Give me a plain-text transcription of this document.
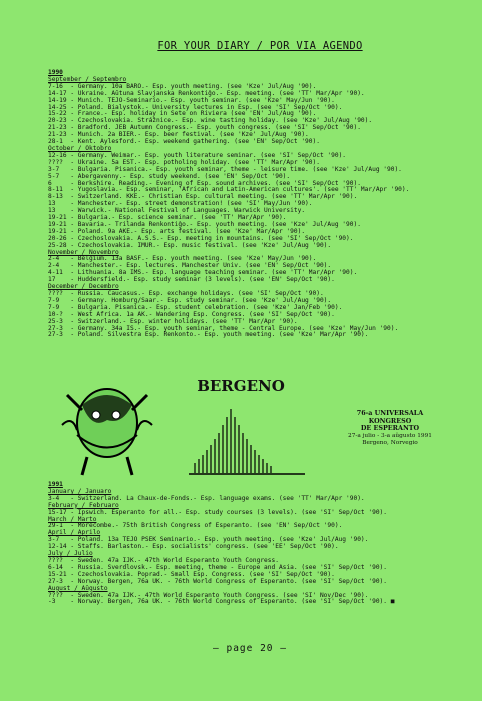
FOR YOUR DIARY / POR VIA AGENDO
1990
September / Septembro
7-16  - Germany. 10a BARO.- Esp. youth meeting. (see 'Kze' Jul/Aug '90).
14-17 - Ukraine. Aŭtuna Slavjanska Renkontiĝo.- Esp. meeting. (see 'TT' Mar/Apr '90).
14-19 - Munich. TEJO-Seminario.- Esp. youth seminar. (see 'Kze' May/Jun '90).
14-25 - Poland. Bialystok.- University lectures in Esp. (see 'SI' Sep/Oct '90).
15-22 - France.- Esp. holiday in Sete on Riviera (see 'EN' Jul/Aug '90).
20-23 - Czechoslovakia. Strážnice.- Esp. wine tasting holiday. (see 'Kze' Jul/Aug '90).
21-23 - Bradford. JEB Autumn Congress.- Esp. youth congress. (see 'SI' Sep/Oct '90).
21-23 - Munich. 2a BIER.- Esp. beer festival. (see 'Kze' Jul/Aug '90).
28-1  - Kent. Aylesford.- Esp. weekend gathering. (see 'EN' Sep/Oct '90).
October / Oktobro
12-16 - Germany. Weimar.- Esp. youth literature seminar. (see 'SI' Sep/Oct '90).
????  - Ukraine. 5a EST.- Esp. potholing holiday. (see 'TT' Mar/Apr '90).
3-7   - Bulgaria. Pisanica.- Esp. youth seminar, theme - leisure time. (see 'Kze' Jul/Aug '90).
5-7   - Abergavenny.- Esp. study weekend. (see 'EN' Sep/Oct '90).
6     - Berkshire. Reading.- Evening of Esp. sound archives. (see 'SI' Sep/Oct '90).
8-11  - Yugoslavia.- Esp. seminar, 'African and Latin-American cultures'. (see 'TT' Mar/Apr '90).
8-13  - Switzerland. KKE.- Christian Esp. cultural meeting. (see 'TT' Mar/Apr '90).
13    - Manchester.- Esp. street demonstration! (see 'SI' May/Jun '90).
13    - Warwick.- National Festival of Languages. Warwick University.
19-21 - Bulgaria.- Esp. science seminar. (see 'TT' Mar/Apr '90).
19-21 - Bavaria.- Trilanda Renkontiĝo.- Esp. youth meeting. (see 'Kze' Jul/Aug '90).
19-21 - Poland. 9a AKE.- Esp. arts festival. (see 'Kze' Mar/Apr '90).
20-26 - Czechoslovakia. A.S.S.- Esp. meeting in mountains. (see 'SI' Sep/Oct '90).
25-28 - Czechoslovakia. IMUR.- Esp. music festival. (see 'Kze' Jul/Aug '90).
November / Novembro
2-4   - Belgium. 13a BASF.- Esp. youth meeting. (see 'Kze' May/Jun '90).
2-4   - Manchester.- Esp. lectures. Manchester Univ. (see 'EN' Sep/Oct '90).
4-11  - Lithuania. 8a IMS.- Esp. language teaching seminar. (see 'TT' Mar/Apr '90).
17    - Huddersfield.- Esp. study seminar (3 levels). (see 'EN' Sep/Oct '90).
December / Decembro
????  - Russia. Caucasus.- Esp. exchange holidays. (see 'SI' Sep/Oct '90).
7-9   - Germany. Homburg/Saar.- Esp. study seminar. (see 'Kze' Jul/Aug '90).
7-9   - Bulgaria. Pisanica.- Esp. student celebration. (see 'Kze' Jan/Feb '90).
10-?  - West Africa. 1a AK.- Wandering Esp. Congress. (see 'SI' Sep/Oct '90).
25-3  - Switzerland.- Esp. winter holidays. (see 'TT' Mar/Apr '90).
27-3  - Germany. 34a IS.- Esp. youth seminar, theme - Central Europe. (see 'Kze' May/Jun '90).
27-3  - Poland. Silvestra Esp. Renkonto.- Esp. youth meeting. (see 'Kze' Mar/Apr '90).
BERGENO
76-a UNIVERSALA
KONGRESO
DE ESPERANTO
27-a julio - 3-a aŭgusto 1991
Bergeno, Norvegio
1991
January / Januaro
3-4   - Switzerland. La Chaux-de-Fonds.- Esp. language exams. (see 'TT' Mar/Apr '90).
February / Februaro
15-17 - Ipswich. Esperanto for all.- Esp. study courses (3 levels). (see 'SI' Sep/Oct '90).
March / Marto
29-1  - Morecombe.- 75th British Congress of Esperanto. (see 'EN' Sep/Oct '90).
April / Aprilo
3-7   - Poland. 13a TEJO PSEK Seminario.- Esp. youth meeting. (see 'Kze' Jul/Aug '90).
12-14 - Staffs. Barlaston.- Esp. socialists' congress. (see 'EE' Sep/Oct '90).
July / Julio
????  - Sweden. 47a IJK.- 47th World Esperanto Youth Congress.
6-14  - Russia. Sverdlovsk.- Esp. meeting, theme - Europe and Asia. (see 'SI' Sep/Oct '90).
15-21 - Czechoslovakia. Poprad.- Small Esp. Congress. (see 'SI' Sep/Oct '90).
27-3  - Norway. Bergen, 76a UK. - 76th World Congress of Esperanto. (see 'SI' Sep/Oct '90).
August / Aŭgusto
????  - Sweden. 47a IJK.- 47th World Esperanto Youth Congress. (see 'SI' Nov/Dec '90).
-3    - Norway. Bergen, 76a UK. - 76th World Congress of Esperanto. (see 'SI' Sep/Oct '90). ■
— page 20 —
